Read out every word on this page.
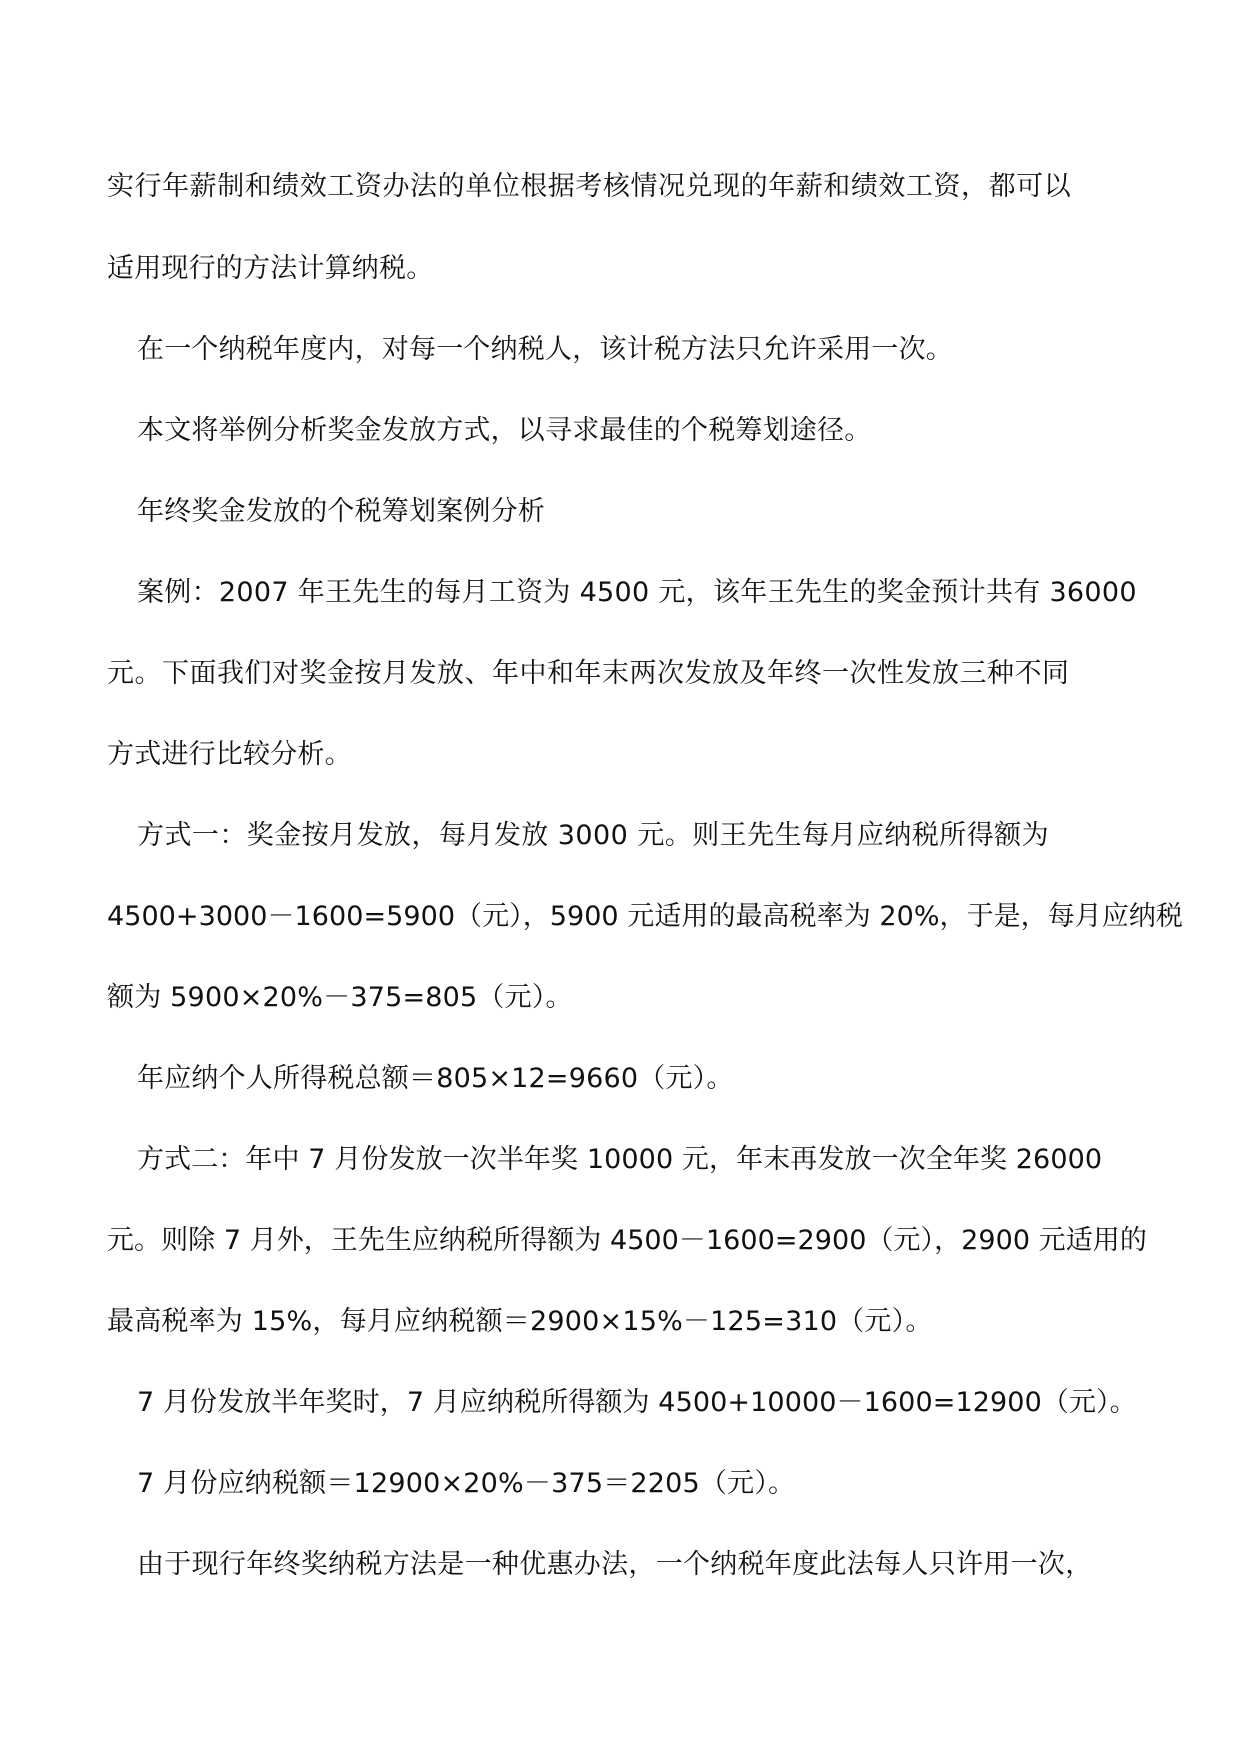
实行年薪制和绩效工资办法的单位根据考核情况兑现的年薪和绩效工资，都可以
适用现行的方法计算纳税。
在一个纳税年度内，对每一个纳税人，该计税方法只允许采用一次。
本文将举例分析奖金发放方式，以寻求最佳的个税筹划途径。
年终奖金发放的个税筹划案例分析
案例：2007 年王先生的每月工资为 4500 元，该年王先生的奖金预计共有 36000
元。下面我们对奖金按月发放、年中和年末两次发放及年终一次性发放三种不同
方式进行比较分析。
方式一：奖金按月发放，每月发放 3000 元。则王先生每月应纳税所得额为
4500+3000－1600=5900（元），5900 元适用的最高税率为 20%，于是，每月应纳税
额为 5900×20%－375=805（元）。
年应纳个人所得税总额＝805×12=9660（元）。
方式二：年中 7 月份发放一次半年奖 10000 元，年末再发放一次全年奖 26000
元。则除 7 月外，王先生应纳税所得额为 4500－1600=2900（元），2900 元适用的
最高税率为 15%，每月应纳税额＝2900×15%－125=310（元）。
7 月份发放半年奖时，7 月应纳税所得额为 4500+10000－1600=12900（元）。
7 月份应纳税额＝12900×20%－375＝2205（元）。
由于现行年终奖纳税方法是一种优惠办法，一个纳税年度此法每人只许用一次，
